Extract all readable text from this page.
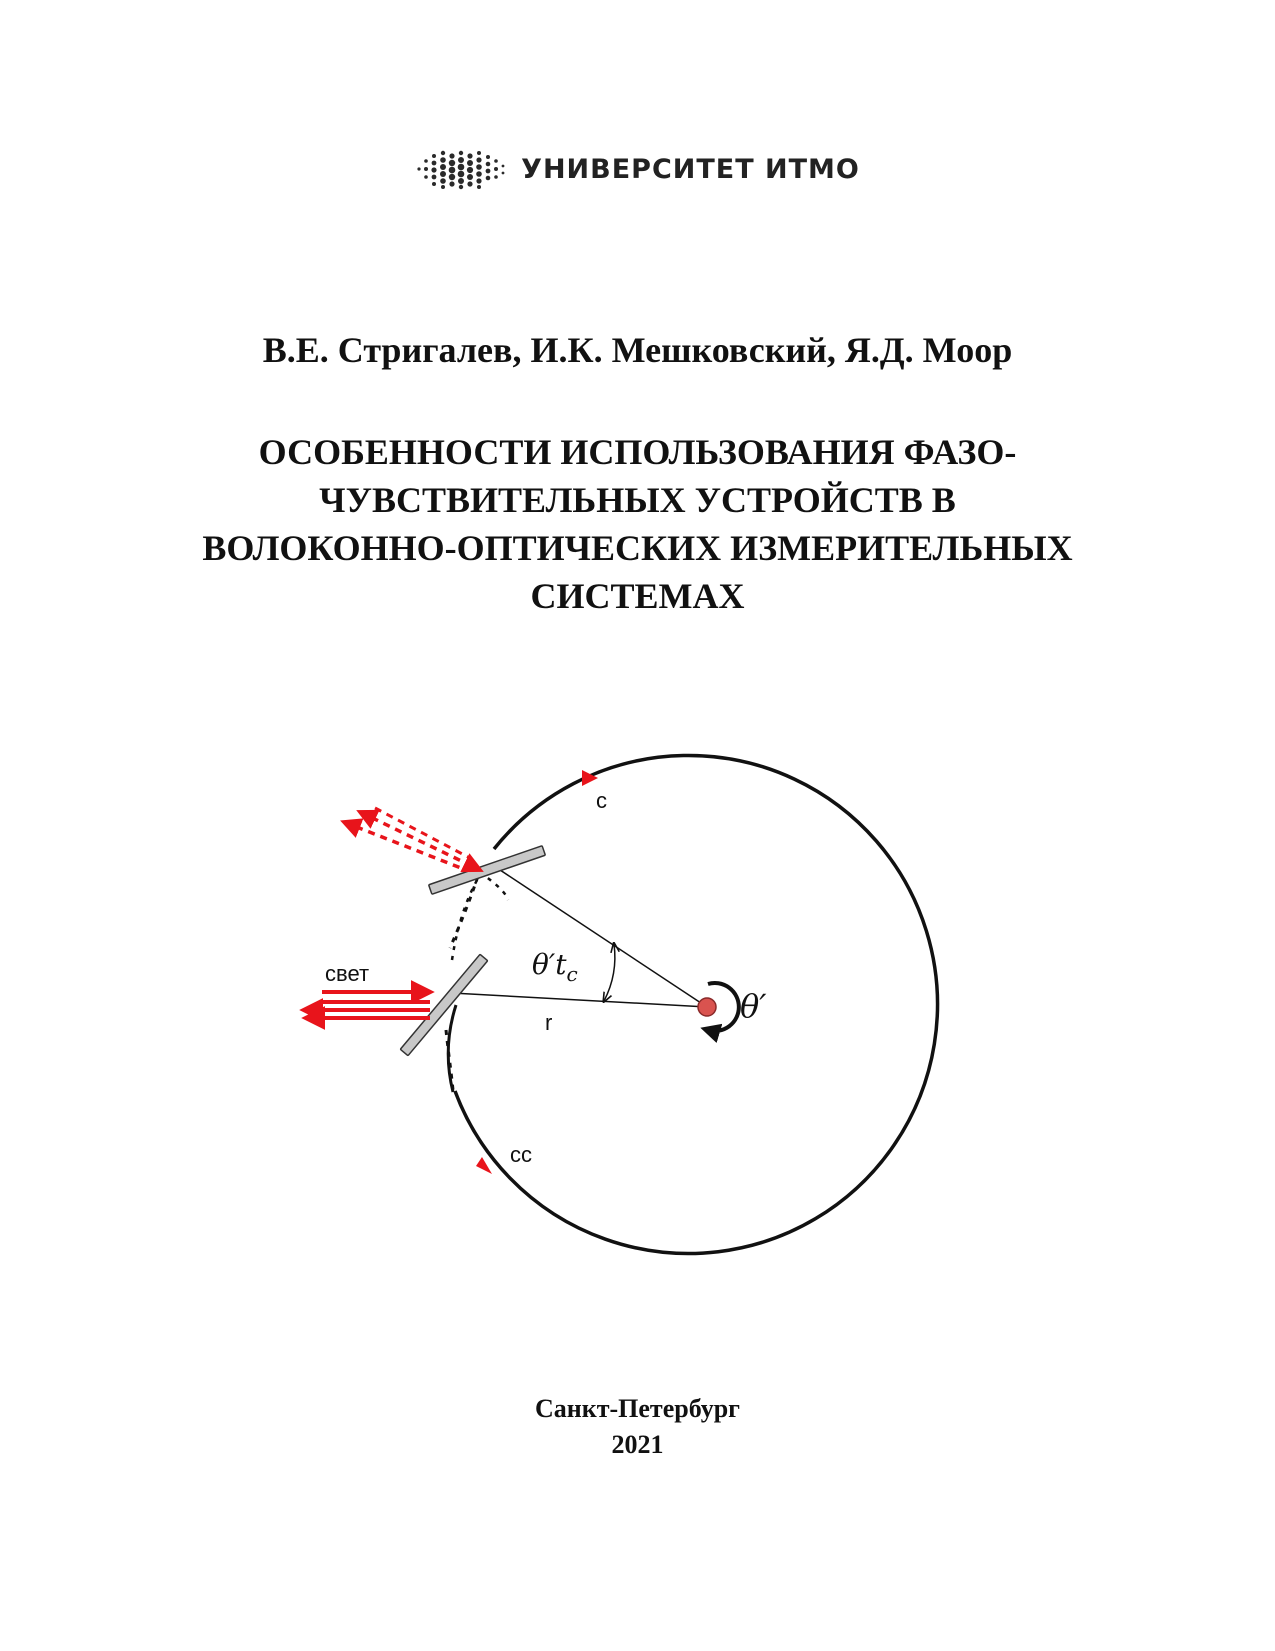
УНИВЕРСИТЕТ ИТМО
В.Е. Стригалев, И.К. Мешковский, Я.Д. Моор
ОСОБЕННОСТИ ИСПОЛЬЗОВАНИЯ ФАЗО-
ЧУВСТВИТЕЛЬНЫХ УСТРОЙСТВ В
ВОЛОКОННО-ОПТИЧЕСКИХ ИЗМЕРИТЕЛЬНЫХ
СИСТЕМАХ
c
cc
свет
r
$\theta't_c$
θ′
Санкт-Петербург
2021
